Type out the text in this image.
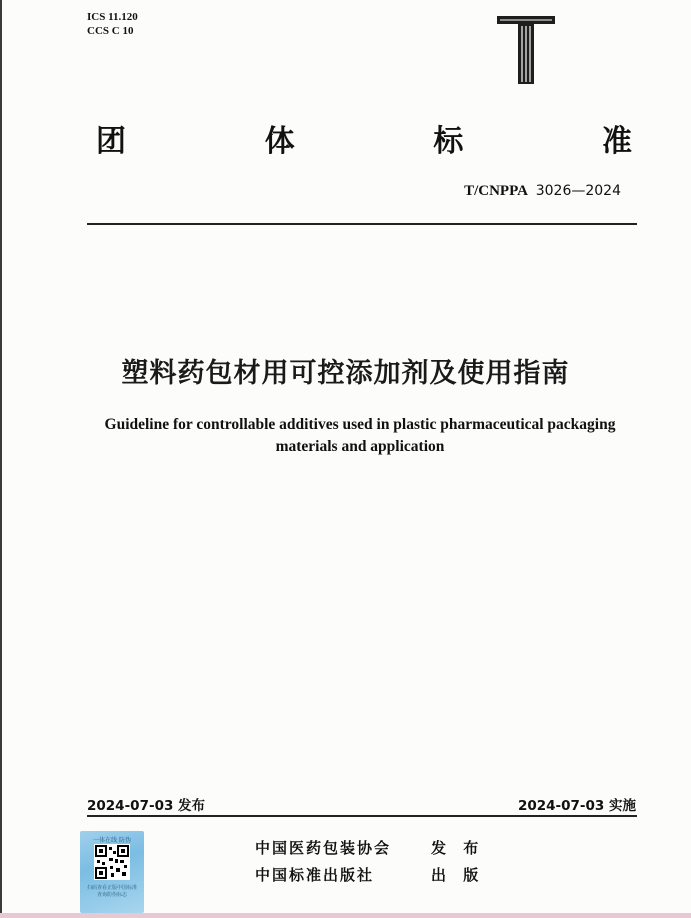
ICS 11.120
CCS C 10
团	体	标	准
T/CNPPA 3026—2024
塑料药包材用可控添加剂及使用指南
Guideline for controllable additives used in plastic pharmaceutical packaging
materials and application
2024-07-03 发布	2024-07-03 实施
一体在线 防伪
扫码查看正版中国标准
查询防伪标志
中国医药包装协会	发 布
中国标准出版社	出 版
